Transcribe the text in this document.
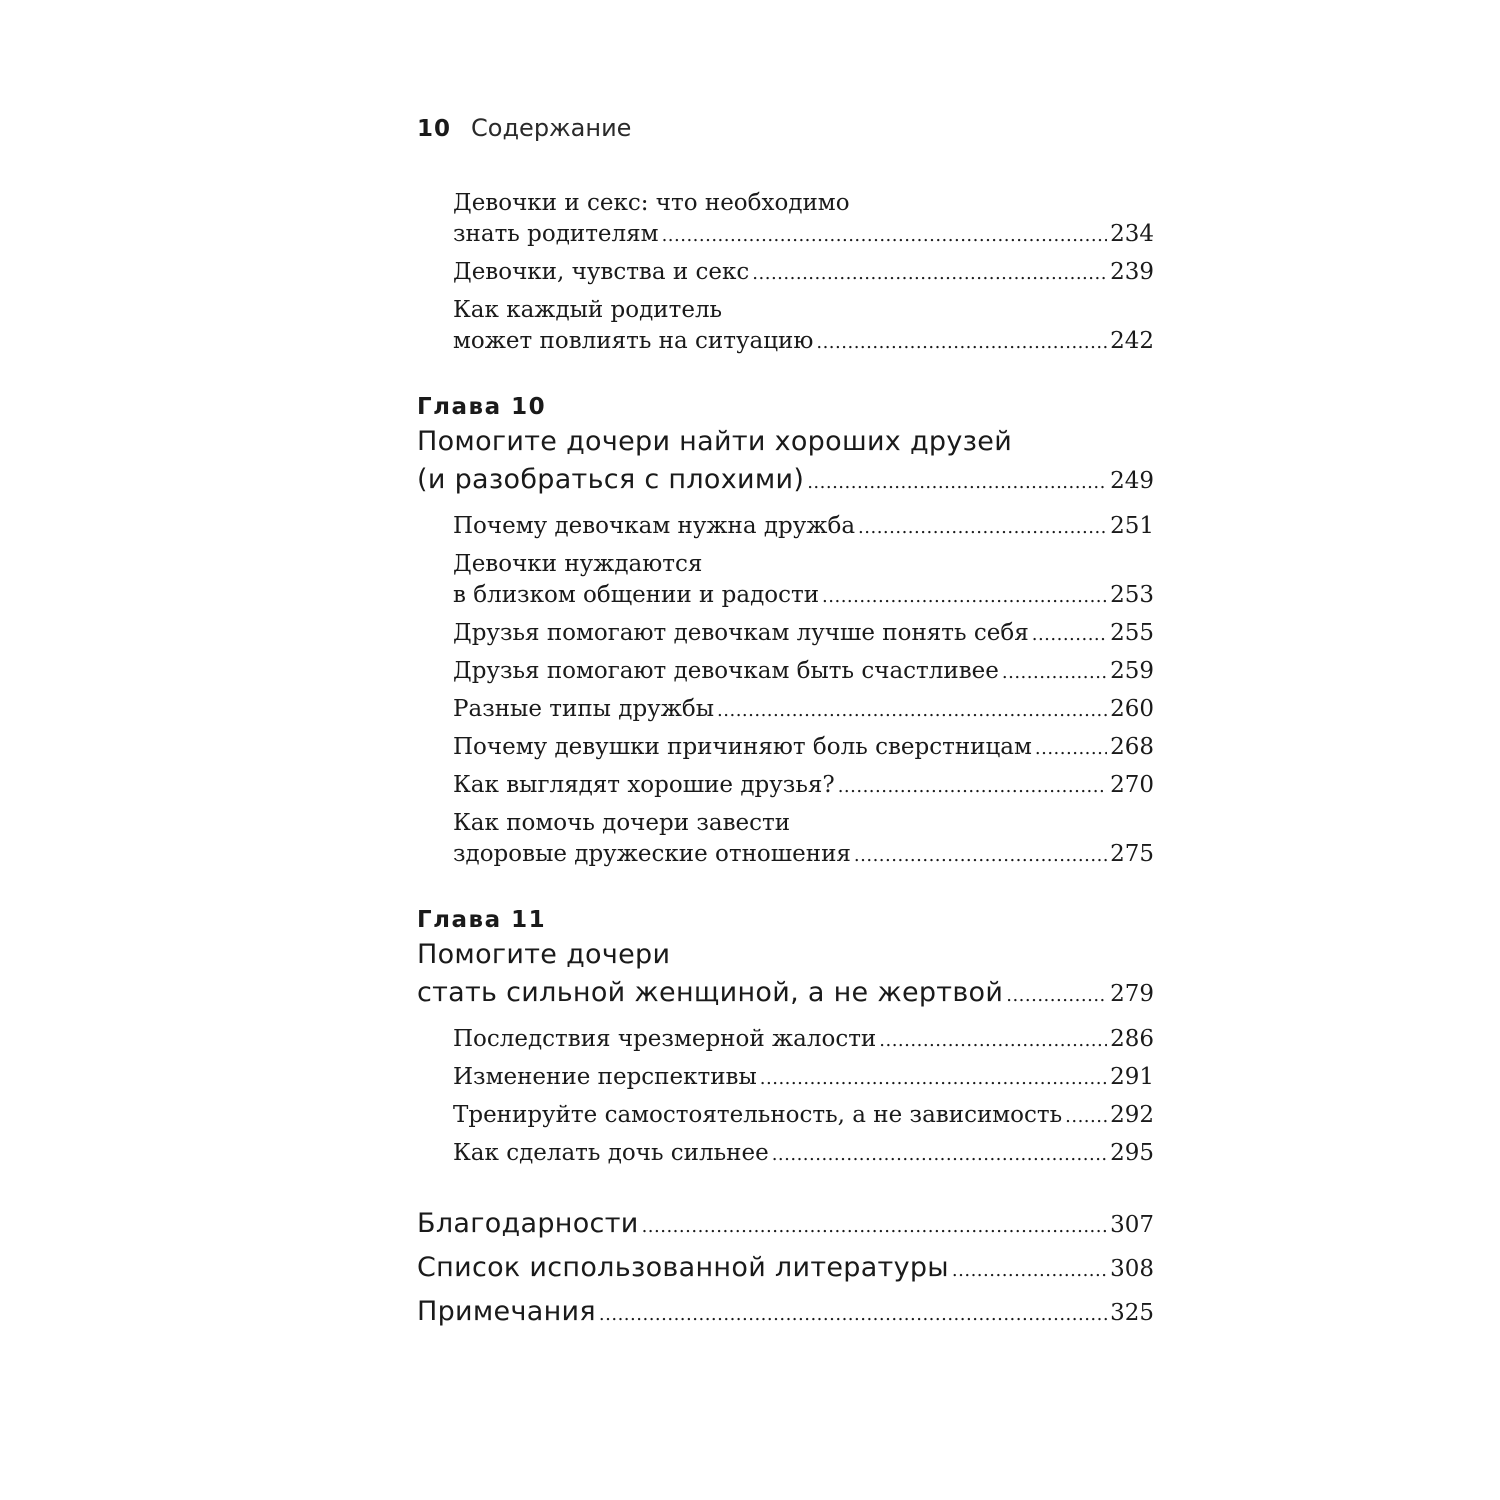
10 Содержание
Девочки и секс: что необходимо
знать родителям .....	234
Девочки, чувства и секс .....	239
Как каждый родитель
может повлиять на ситуацию .....	242
Глава 10
Помогите дочери найти хороших друзей
(и разобраться с плохими) .....	249
Почему девочкам нужна дружба .....	251
Девочки нуждаются
в близком общении и радости .....	253
Друзья помогают девочкам лучше понять себя .....	255
Друзья помогают девочкам быть счастливее .....	259
Разные типы дружбы .....	260
Почему девушки причиняют боль сверстницам .....	268
Как выглядят хорошие друзья? .....	270
Как помочь дочери завести
здоровые дружеские отношения .....	275
Глава 11
Помогите дочери
стать сильной женщиной, а не жертвой .....	279
Последствия чрезмерной жалости .....	286
Изменение перспективы .....	291
Тренируйте самостоятельность, а не зависимость ..... 292
Как сделать дочь сильнее .....	295
Благодарности .....	307
Список использованной литературы .....	308
Примечания .....	325
